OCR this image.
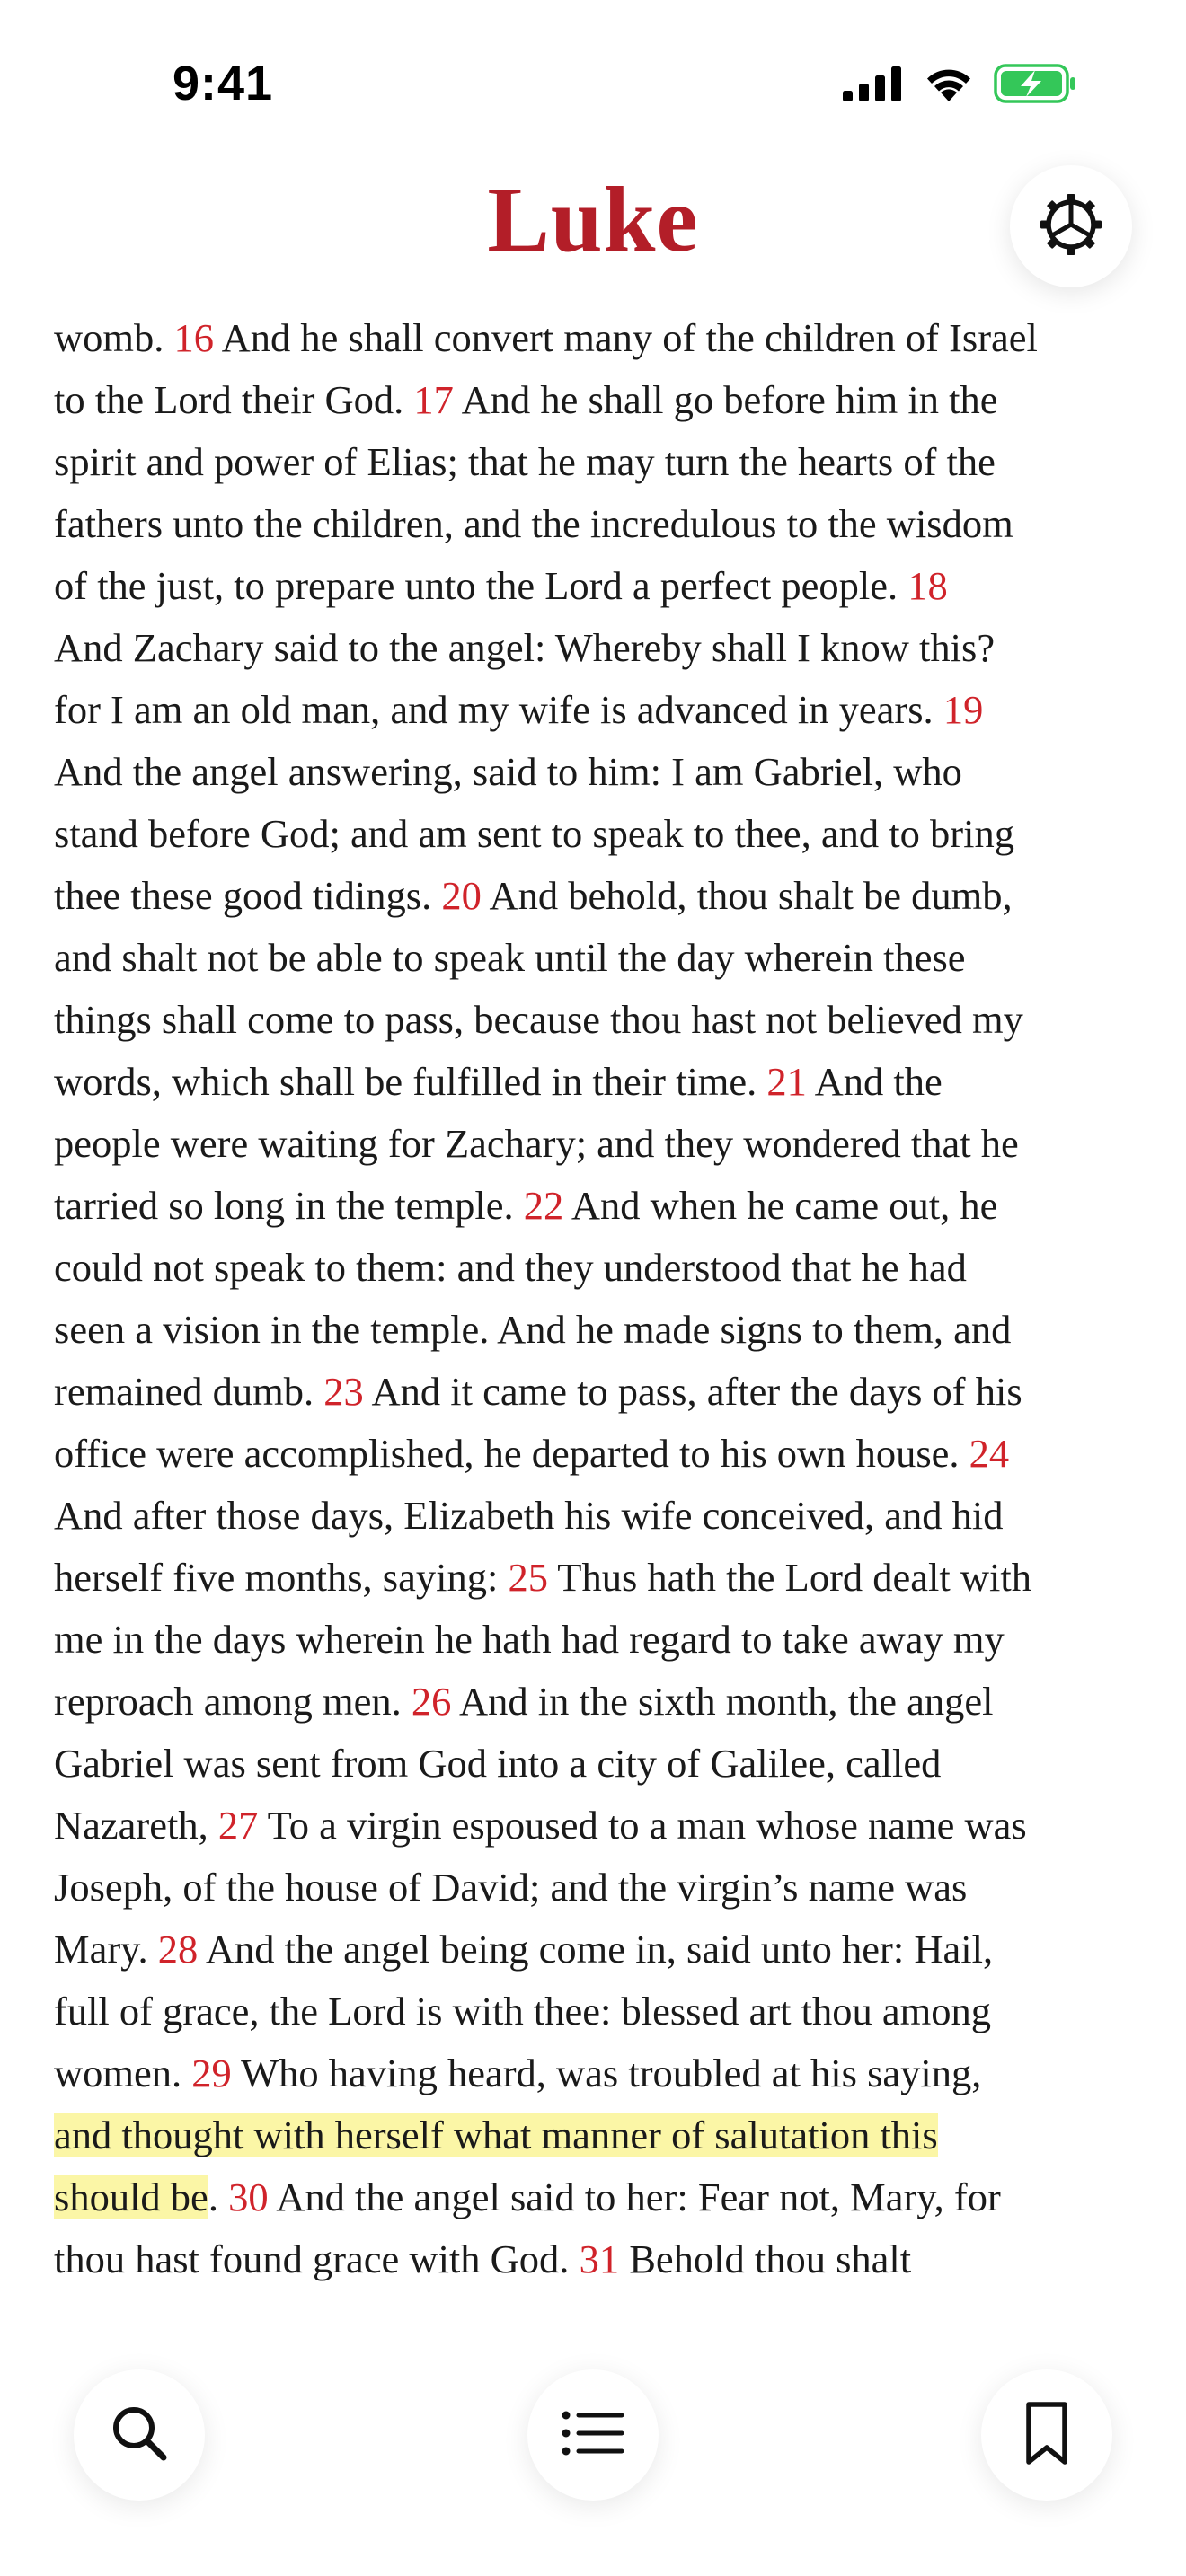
9:41
Luke
womb. 16 And he shall convert many of the children of Israel
to the Lord their God. 17 And he shall go before him in the
spirit and power of Elias; that he may turn the hearts of the
fathers unto the children, and the incredulous to the wisdom
of the just, to prepare unto the Lord a perfect people. 18
And Zachary said to the angel: Whereby shall I know this?
for I am an old man, and my wife is advanced in years. 19
And the angel answering, said to him: I am Gabriel, who
stand before God; and am sent to speak to thee, and to bring
thee these good tidings. 20 And behold, thou shalt be dumb,
and shalt not be able to speak until the day wherein these
things shall come to pass, because thou hast not believed my
words, which shall be fulfilled in their time. 21 And the
people were waiting for Zachary; and they wondered that he
tarried so long in the temple. 22 And when he came out, he
could not speak to them: and they understood that he had
seen a vision in the temple. And he made signs to them, and
remained dumb. 23 And it came to pass, after the days of his
office were accomplished, he departed to his own house. 24
And after those days, Elizabeth his wife conceived, and hid
herself five months, saying: 25 Thus hath the Lord dealt with
me in the days wherein he hath had regard to take away my
reproach among men. 26 And in the sixth month, the angel
Gabriel was sent from God into a city of Galilee, called
Nazareth, 27 To a virgin espoused to a man whose name was
Joseph, of the house of David; and the virgin’s name was
Mary. 28 And the angel being come in, said unto her: Hail,
full of grace, the Lord is with thee: blessed art thou among
women. 29 Who having heard, was troubled at his saying,
and thought with herself what manner of salutation this
should be. 30 And the angel said to her: Fear not, Mary, for
thou hast found grace with God. 31 Behold thou shalt
